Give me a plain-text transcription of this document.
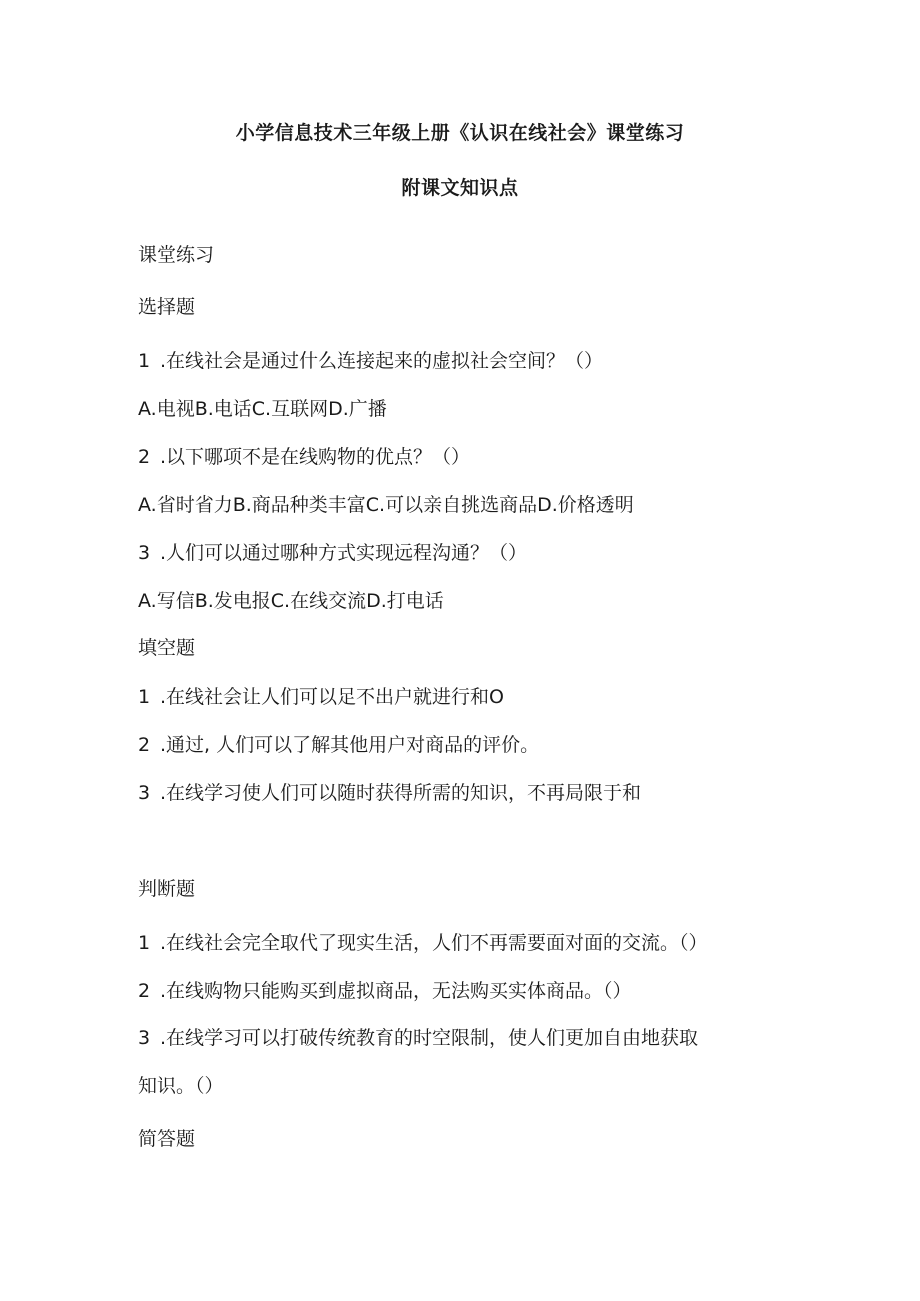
小学信息技术三年级上册《认识在线社会》课堂练习
附课文知识点
课堂练习
选择题
1 .在线社会是通过什么连接起来的虚拟社会空间？（）
A.电视B.电话C.互联网D.广播
2 .以下哪项不是在线购物的优点？（）
A.省时省力B.商品种类丰富C.可以亲自挑选商品D.价格透明
3 .人们可以通过哪种方式实现远程沟通？（）
A.写信B.发电报C.在线交流D.打电话
填空题
1 .在线社会让人们可以足不出户就进行和O
2 .通过, 人们可以了解其他用户对商品的评价。
3 .在线学习使人们可以随时获得所需的知识，不再局限于和
判断题
1 .在线社会完全取代了现实生活，人们不再需要面对面的交流。（）
2 .在线购物只能购买到虚拟商品，无法购买实体商品。（）
3 .在线学习可以打破传统教育的时空限制，使人们更加自由地获取
知识。（）
简答题
